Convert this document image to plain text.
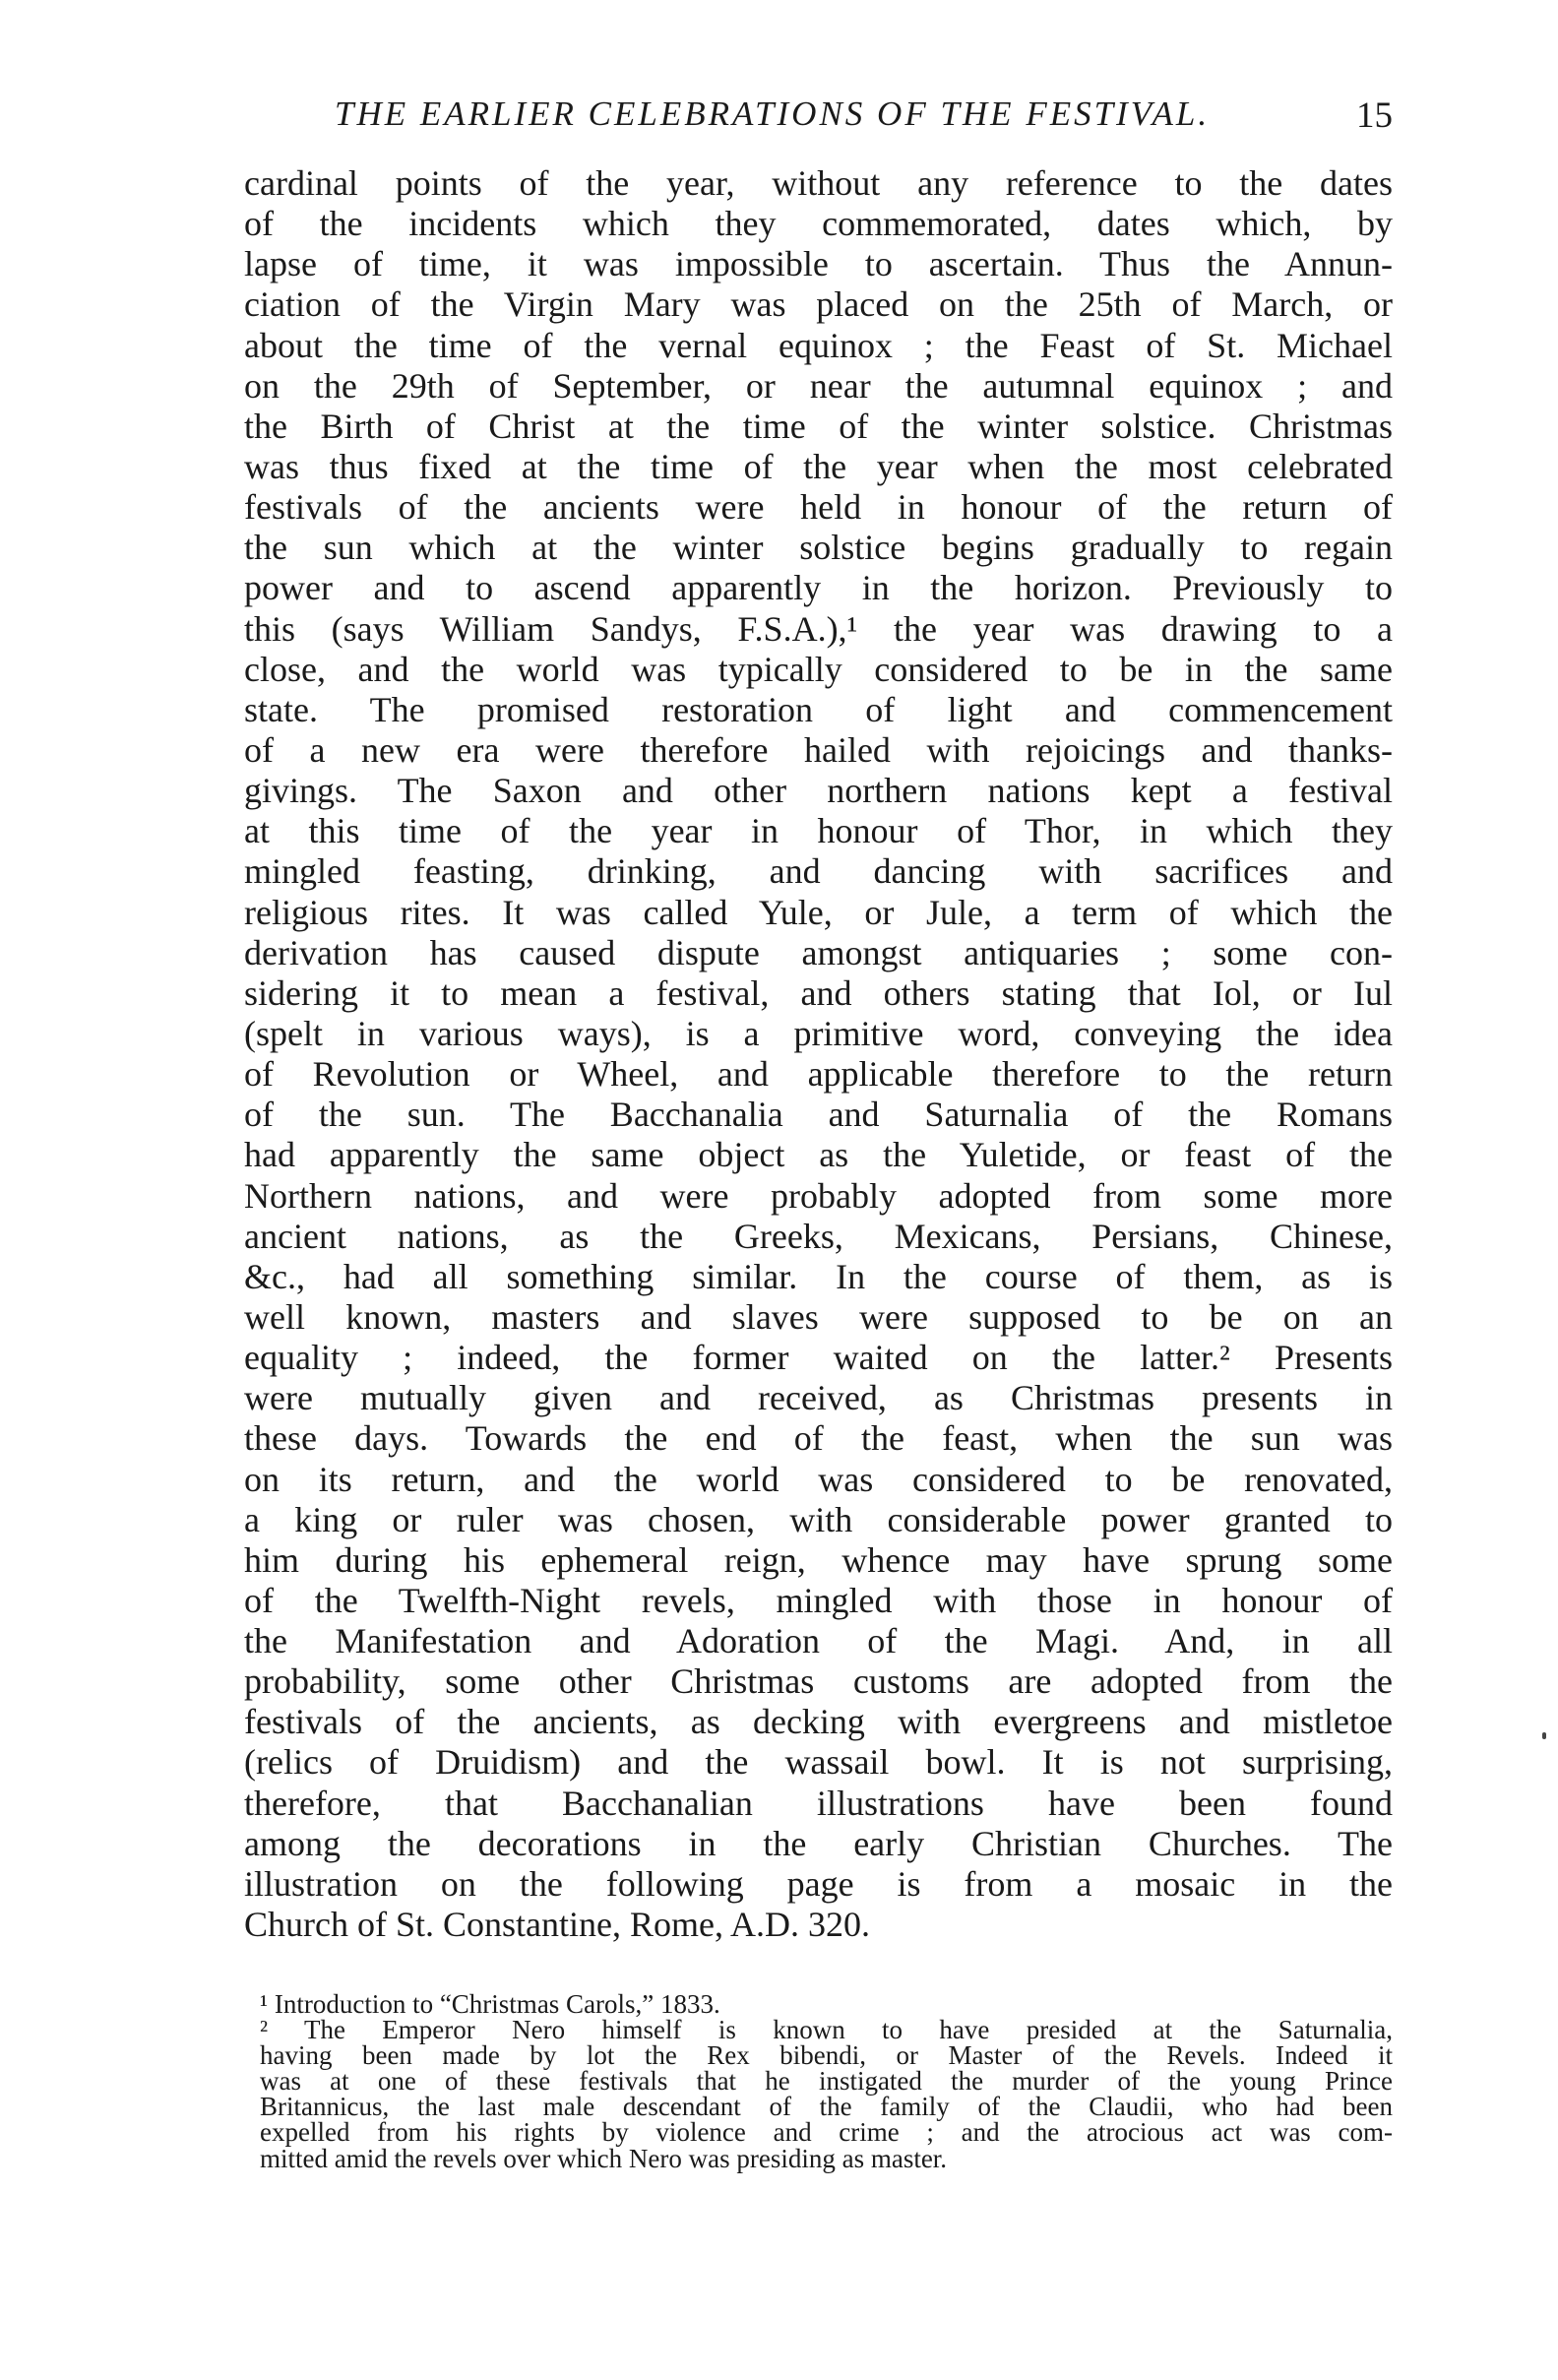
THE EARLIER CELEBRATIONS OF THE FESTIVAL.	15
cardinal points of the year, without any reference to the dates
of the incidents which they commemorated, dates which, by
lapse of time, it was impossible to ascertain. Thus the Annun-
ciation of the Virgin Mary was placed on the 25th of March, or
about the time of the vernal equinox ; the Feast of St. Michael
on the 29th of September, or near the autumnal equinox ; and
the Birth of Christ at the time of the winter solstice. Christmas
was thus fixed at the time of the year when the most celebrated
festivals of the ancients were held in honour of the return of
the sun which at the winter solstice begins gradually to regain
power and to ascend apparently in the horizon. Previously to
this (says William Sandys, F.S.A.),¹ the year was drawing to a
close, and the world was typically considered to be in the same
state. The promised restoration of light and commencement
of a new era were therefore hailed with rejoicings and thanks-
givings. The Saxon and other northern nations kept a festival
at this time of the year in honour of Thor, in which they
mingled feasting, drinking, and dancing with sacrifices and
religious rites. It was called Yule, or Jule, a term of which the
derivation has caused dispute amongst antiquaries ; some con-
sidering it to mean a festival, and others stating that Iol, or Iul
(spelt in various ways), is a primitive word, conveying the idea
of Revolution or Wheel, and applicable therefore to the return
of the sun. The Bacchanalia and Saturnalia of the Romans
had apparently the same object as the Yuletide, or feast of the
Northern nations, and were probably adopted from some more
ancient nations, as the Greeks, Mexicans, Persians, Chinese,
&c., had all something similar. In the course of them, as is
well known, masters and slaves were supposed to be on an
equality ; indeed, the former waited on the latter.² Presents
were mutually given and received, as Christmas presents in
these days. Towards the end of the feast, when the sun was
on its return, and the world was considered to be renovated,
a king or ruler was chosen, with considerable power granted to
him during his ephemeral reign, whence may have sprung some
of the Twelfth-Night revels, mingled with those in honour of
the Manifestation and Adoration of the Magi. And, in all
probability, some other Christmas customs are adopted from the
festivals of the ancients, as decking with evergreens and mistletoe
(relics of Druidism) and the wassail bowl. It is not surprising,
therefore, that Bacchanalian illustrations have been found
among the decorations in the early Christian Churches. The
illustration on the following page is from a mosaic in the
Church of St. Constantine, Rome, A.D. 320.
¹ Introduction to “Christmas Carols,” 1833.
² The Emperor Nero himself is known to have presided at the Saturnalia,
having been made by lot the Rex bibendi, or Master of the Revels. Indeed it
was at one of these festivals that he instigated the murder of the young Prince
Britannicus, the last male descendant of the family of the Claudii, who had been
expelled from his rights by violence and crime ; and the atrocious act was com-
mitted amid the revels over which Nero was presiding as master.
